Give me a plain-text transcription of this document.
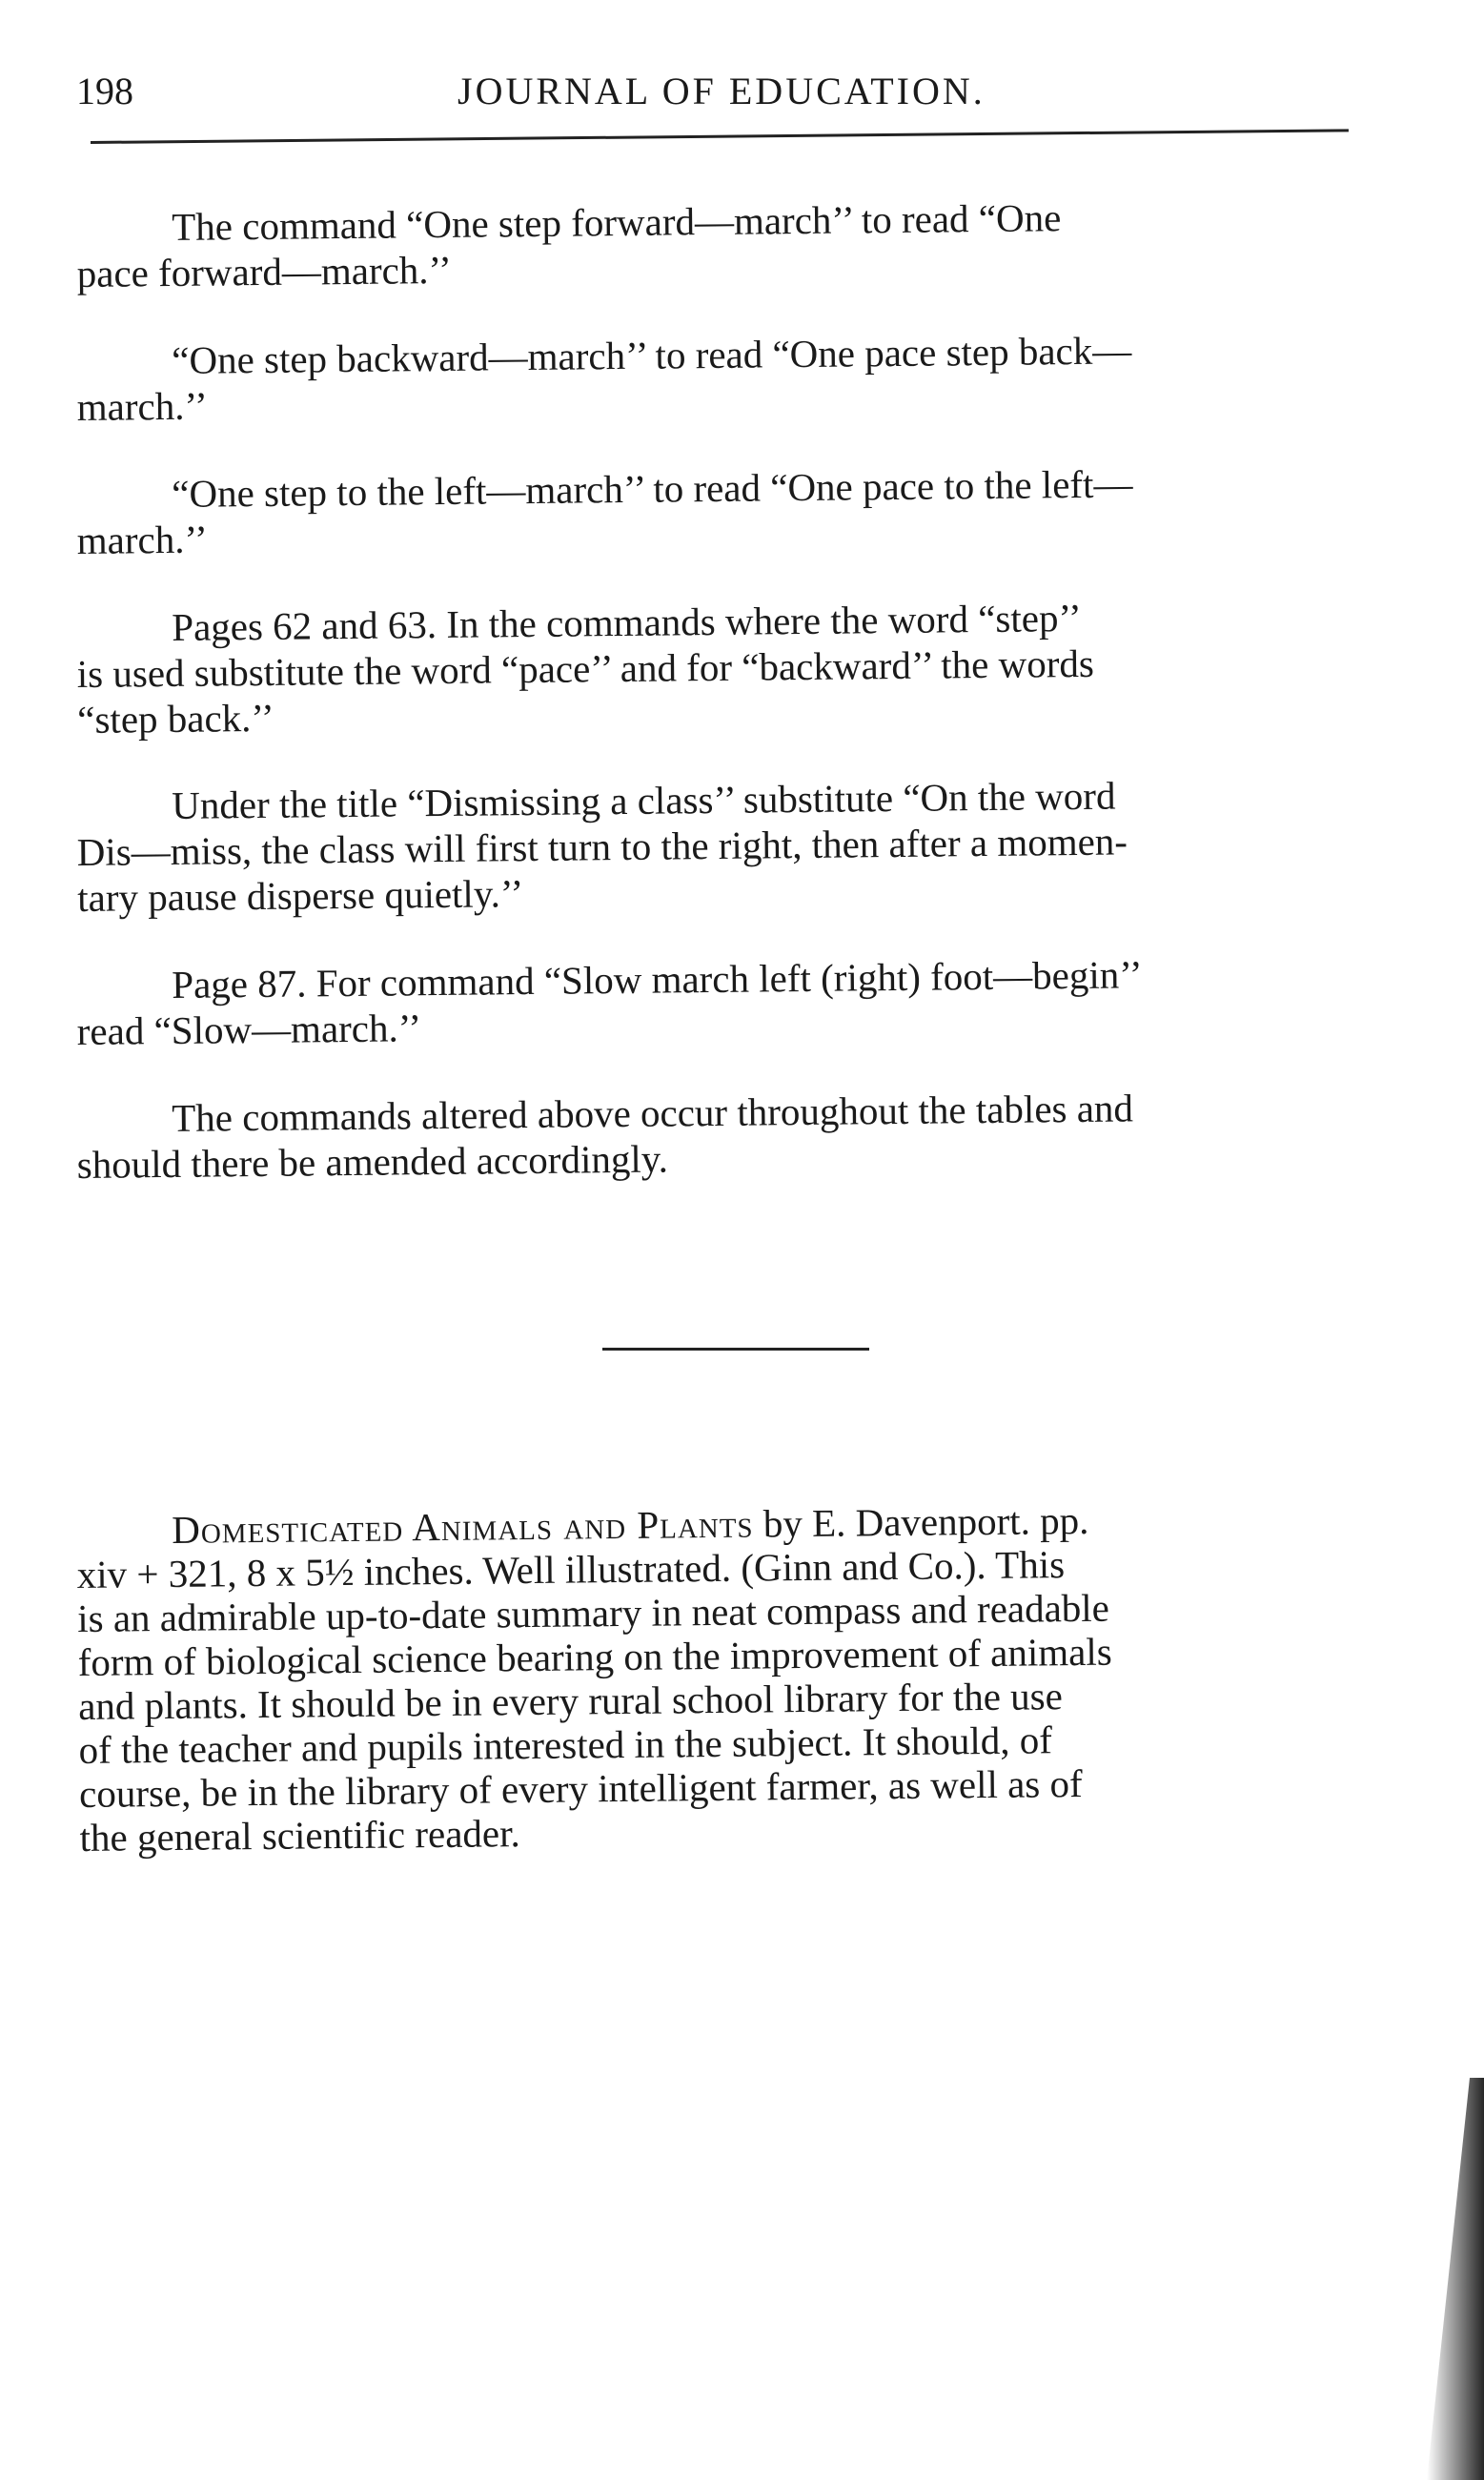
198	JOURNAL OF EDUCATION.
The command “One step forward—march’’ to read “One
pace forward—march.’’
“One step backward—march’’ to read “One pace step back—
march.’’
“One step to the left—march’’ to read “One pace to the left—
march.’’
Pages 62 and 63. In the commands where the word “step’’
is used substitute the word “pace’’ and for “backward’’ the words
“step back.’’
Under the title “Dismissing a class’’ substitute “On the word
Dis—miss, the class will first turn to the right, then after a momen-
tary pause disperse quietly.’’
Page 87. For command “Slow march left (right) foot—begin’’
read “Slow—march.’’
The commands altered above occur throughout the tables and
should there be amended accordingly.
Domesticated Animals and Plants by E. Davenport. pp.
xiv + 321, 8 x 5½ inches. Well illustrated. (Ginn and Co.). This
is an admirable up-to-date summary in neat compass and readable
form of biological science bearing on the improvement of animals
and plants. It should be in every rural school library for the use
of the teacher and pupils interested in the subject. It should, of
course, be in the library of every intelligent farmer, as well as of
the general scientific reader.
